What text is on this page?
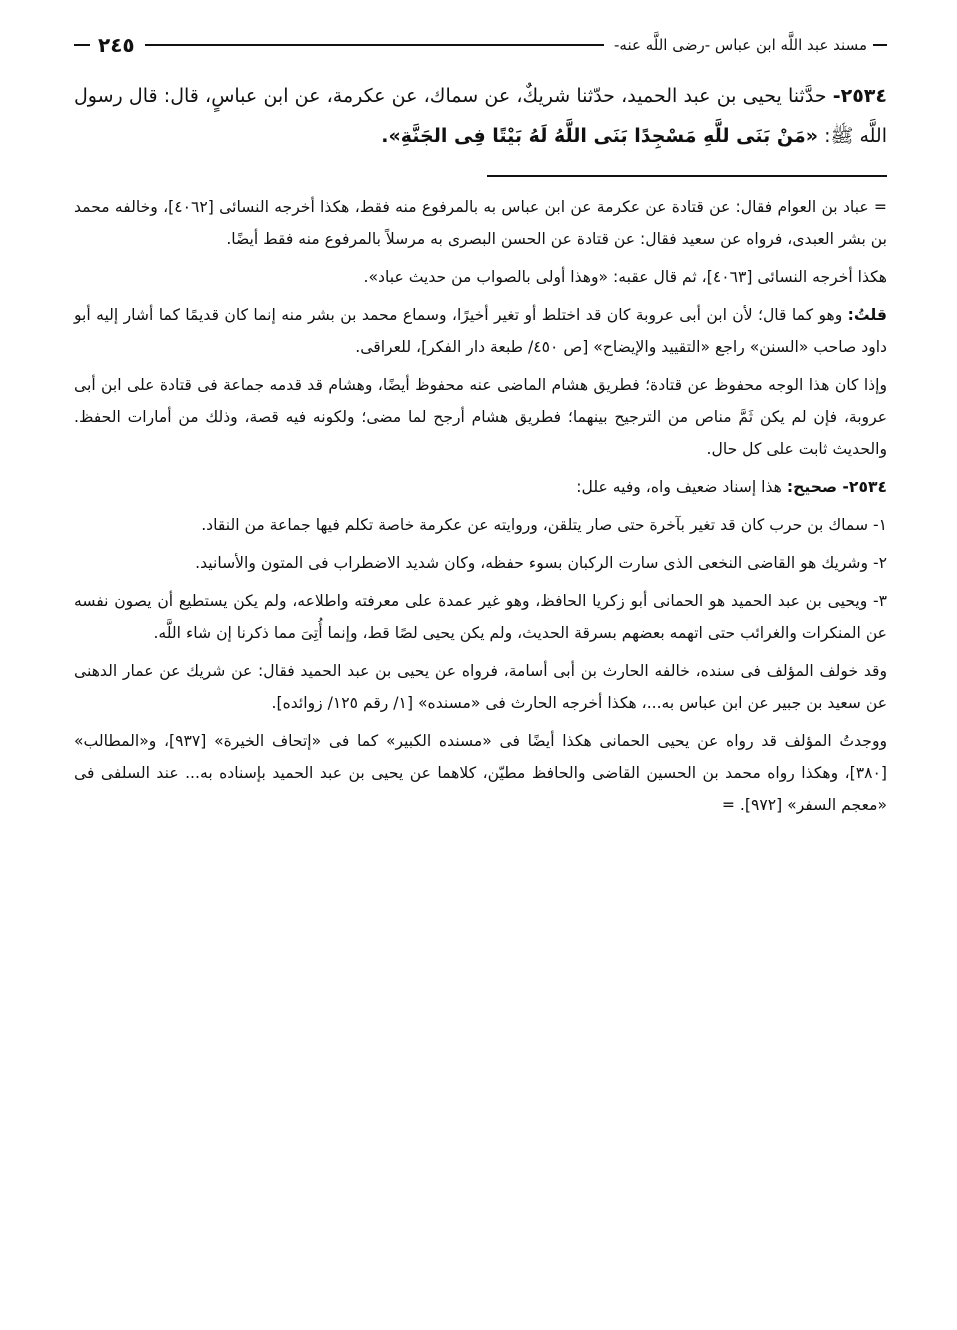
مسند عبد اللَّه ابن عباس -رضى اللَّه عنه-
٢٤٥

٢٥٣٤- حدَّثنا يحيى بن عبد الحميد، حدّثنا شريكٌ، عن سماك، عن عكرمة، عن ابن عباسٍ، قال: قال رسول اللَّه ﷺ: «مَنْ بَنَى للَّهِ مَسْجِدًا بَنَى اللَّهُ لَهُ بَيْتًا فِى الجَنَّةِ».

= عباد بن العوام فقال: عن قتادة عن عكرمة عن ابن عباس به بالمرفوع منه فقط، هكذا أخرجه النسائى [٤٠٦٢]، وخالفه محمد بن بشر العبدى، فرواه عن سعيد فقال: عن قتادة عن الحسن البصرى به مرسلاً بالمرفوع منه فقط أيضًا.

هكذا أخرجه النسائى [٤٠٦٣]، ثم قال عقبه: «وهذا أولى بالصواب من حديث عباد».

قلتُ: وهو كما قال؛ لأن ابن أبى عروبة كان قد اختلط أو تغير أخيرًا، وسماع محمد بن بشر منه إنما كان قديمًا كما أشار إليه أبو داود صاحب «السنن» راجع «التقييد والإيضاح» [ص ٤٥٠/ طبعة دار الفكر]، للعراقى.

وإذا كان هذا الوجه محفوظ عن قتادة؛ فطريق هشام الماضى عنه محفوظ أيضًا، وهشام قد قدمه جماعة فى قتادة على ابن أبى عروبة، فإن لم يكن ثَمَّ مناص من الترجيح بينهما؛ فطريق هشام أرجح لما مضى؛ ولكونه فيه قصة، وذلك من أمارات الحفظ. والحديث ثابت على كل حال.

٢٥٣٤- صحيح: هذا إسناد ضعيف واه، وفيه علل:

١- سماك بن حرب كان قد تغير بآخرة حتى صار يتلقن، وروايته عن عكرمة خاصة تكلم فيها جماعة من النقاد.

٢- وشريك هو القاضى النخعى الذى سارت الركبان بسوء حفظه، وكان شديد الاضطراب فى المتون والأسانيد.

٣- ويحيى بن عبد الحميد هو الحمانى أبو زكريا الحافظ، وهو غير عمدة على معرفته واطلاعه، ولم يكن يستطيع أن يصون نفسه عن المنكرات والغرائب حتى اتهمه بعضهم بسرقة الحديث، ولم يكن يحيى لصًا قط، وإنما أُتِىَ مما ذكرنا إن شاء اللَّه.

وقد خولف المؤلف فى سنده، خالفه الحارث بن أبى أسامة، فرواه عن يحيى بن عبد الحميد فقال: عن شريك عن عمار الدهنى عن سعيد بن جبير عن ابن عباس به...، هكذا أخرجه الحارث فى «مسنده» [١/ رقم ١٢٥/ زوائده].

ووجدتُ المؤلف قد رواه عن يحيى الحمانى هكذا أيضًا فى «مسنده الكبير» كما فى «إتحاف الخيرة» [٩٣٧]، و«المطالب» [٣٨٠]، وهكذا رواه محمد بن الحسين القاضى والحافظ مطيّن، كلاهما عن يحيى بن عبد الحميد بإسناده به... عند السلفى فى «معجم السفر» [٩٧٢]. =
